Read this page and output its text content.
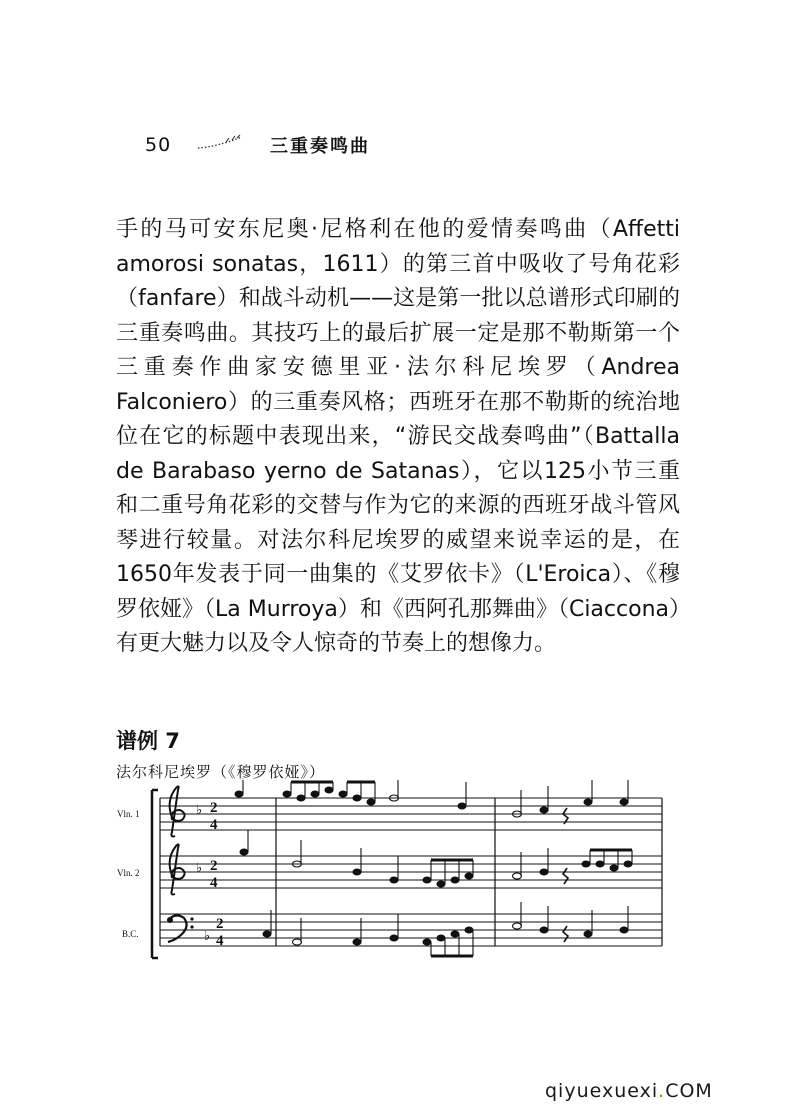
50	三重奏鸣曲

手的马可安东尼奥·尼格利在他的爱情奏鸣曲（Affetti amorosi sonatas，1611）的第三首中吸收了号角花彩（fanfare）和战斗动机——这是第一批以总谱形式印刷的三重奏鸣曲。其技巧上的最后扩展一定是那不勒斯第一个三重奏作曲家安德里亚·法尔科尼埃罗（Andrea Falconiero）的三重奏风格；西班牙在那不勒斯的统治地位在它的标题中表现出来，“游民交战奏鸣曲”（Battalla de Barabaso yerno de Satanas），它以125小节三重和二重号角花彩的交替与作为它的来源的西班牙战斗管风琴进行较量。对法尔科尼埃罗的威望来说幸运的是，在1650年发表于同一曲集的《艾罗依卡》（L'Eroica）、《穆罗依娅》（La Murroya）和《西阿孔那舞曲》（Ciaccona）有更大魅力以及令人惊奇的节奏上的想像力。

谱例 7
法尔科尼埃罗（《穆罗依娅》）
Vln. 1
Vln. 2
B.C.
♭
♭
♭
2
4
2
4
2
4
qiyuexuexi.COM
